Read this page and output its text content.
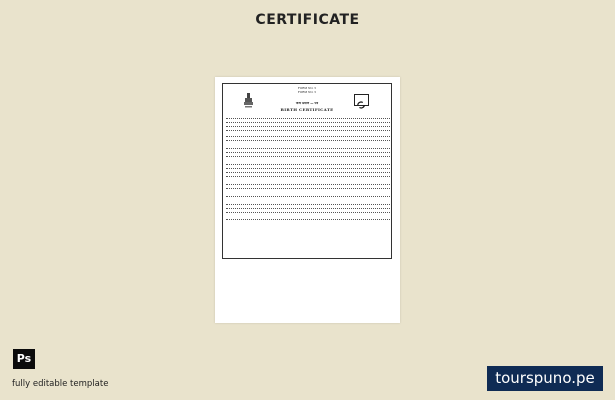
CERTIFICATE
FORM NO. 5
FORM NO. 5
जन्म प्रमाण — पत्र
BIRTH CERTIFICATE
Ps
fully editable template	tourspuno.pe
